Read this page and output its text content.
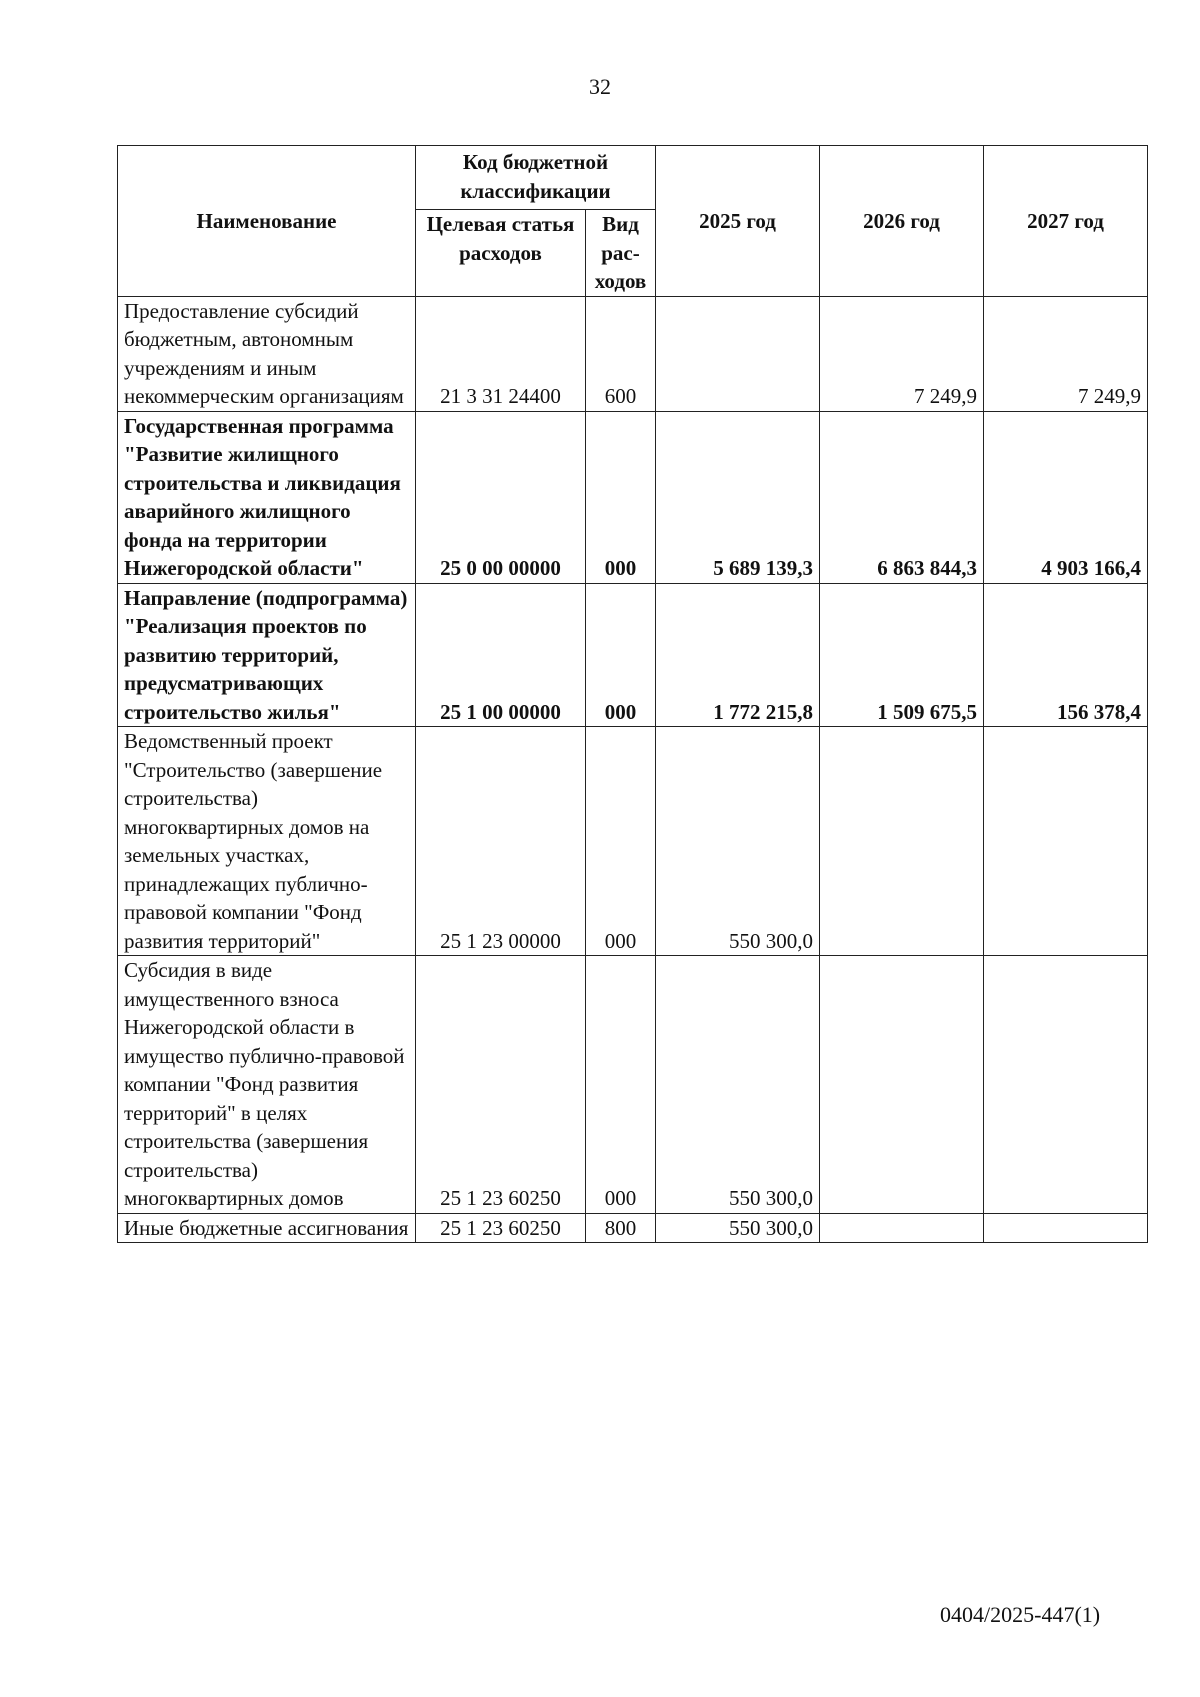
32
Наименование	Код бюджетной классификации		2025 год	2026 год	2027 год
	Целевая статья расходов	Вид рас-ходов			
Предоставление субсидий бюджетным, автономным учреждениям и иным некоммерческим организациям	21 3 31 24400	600		7 249,9	7 249,9
Государственная программа "Развитие жилищного строительства и ликвидация аварийного жилищного фонда на территории Нижегородской области"	25 0 00 00000	000	5 689 139,3	6 863 844,3	4 903 166,4
Направление (подпрограмма) "Реализация проектов по развитию территорий, предусматривающих строительство жилья"	25 1 00 00000	000	1 772 215,8	1 509 675,5	156 378,4
Ведомственный проект "Строительство (завершение строительства) многоквартирных домов на земельных участках, принадлежащих публично-правовой компании "Фонд развития территорий"	25 1 23 00000	000	550 300,0		
Субсидия в виде имущественного взноса Нижегородской области в имущество публично-правовой компании "Фонд развития территорий" в целях строительства (завершения строительства) многоквартирных домов	25 1 23 60250	000	550 300,0		
Иные бюджетные ассигнования	25 1 23 60250	800	550 300,0		
0404/2025-447(1)
